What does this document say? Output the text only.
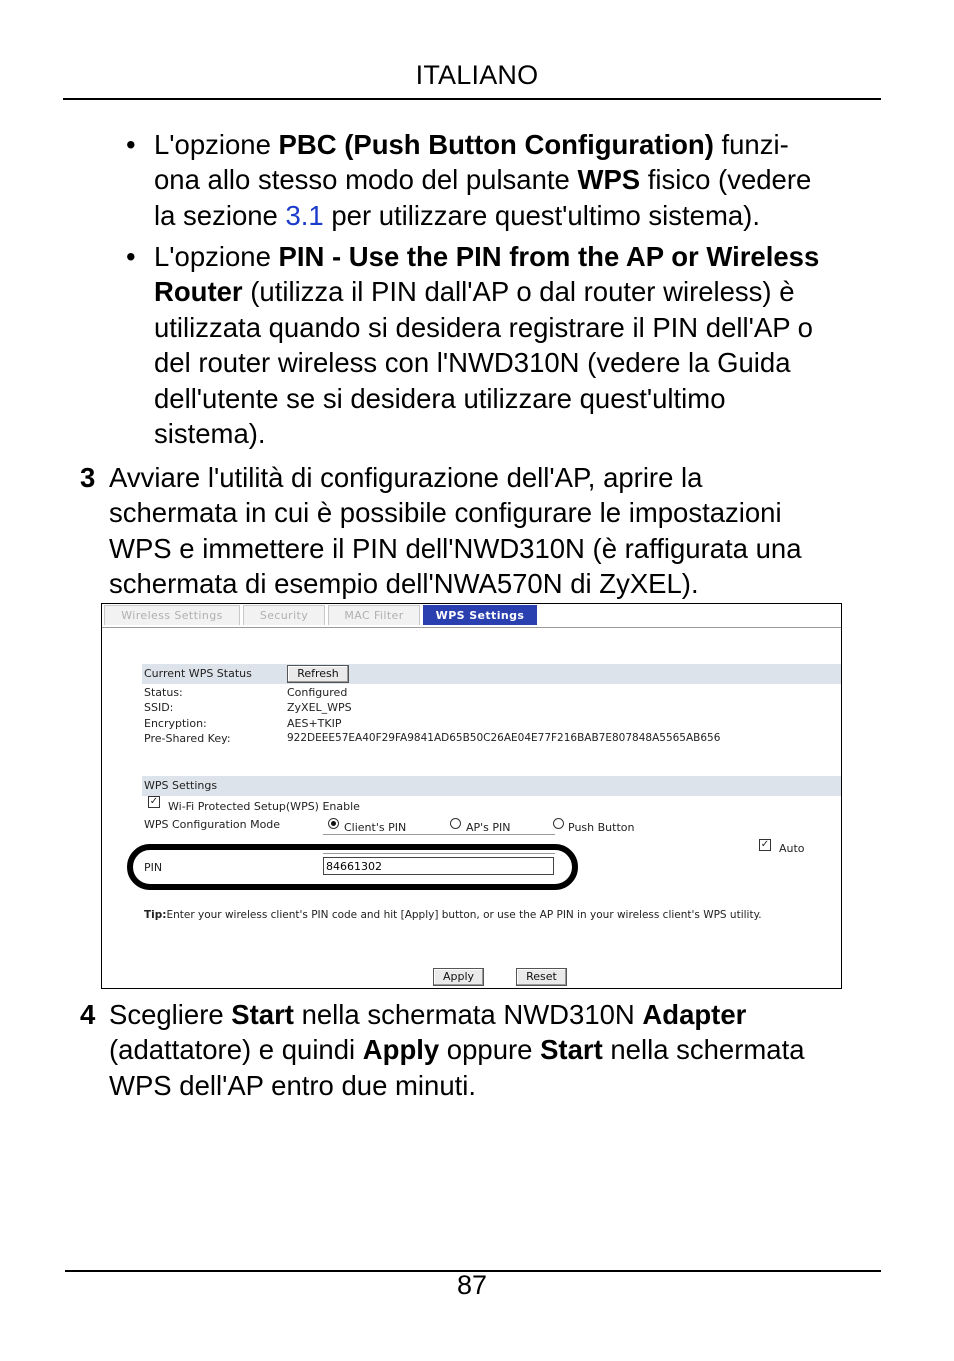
ITALIANO
• L'opzione PBC (Push Button Configuration) funzi-
ona allo stesso modo del pulsante WPS fisico (vedere
la sezione 3.1 per utilizzare quest'ultimo sistema).
• L'opzione PIN - Use the PIN from the AP or Wireless
Router (utilizza il PIN dall'AP o dal router wireless) è
utilizzata quando si desidera registrare il PIN dell'AP o
del router wireless con l'NWD310N (vedere la Guida
dell'utente se si desidera utilizzare quest'ultimo
sistema).
3 Avviare l'utilità di configurazione dell'AP, aprire la
schermata in cui è possibile configurare le impostazioni
WPS e immettere il PIN dell'NWD310N (è raffigurata una
schermata di esempio dell'NWA570N di ZyXEL).
Wireless Settings	Security	MAC Filter	WPS Settings
Current WPS Status	Refresh
Status:	Configured
SSID:	ZyXEL_WPS
Encryption:	AES+TKIP
Pre-Shared Key:	922DEEE57EA40F29FA9841AD65B50C26AE04E77F216BAB7E807848A5565AB656
WPS Settings
✓ Wi-Fi Protected Setup(WPS) Enable
WPS Configuration Mode	Client's PIN	AP's PIN	Push Button
✓ Auto
PIN
84661302
Tip:Enter your wireless client's PIN code and hit [Apply] button, or use the AP PIN in your wireless client's WPS utility.
Apply	Reset
4 Scegliere Start nella schermata NWD310N Adapter
(adattatore) e quindi Apply oppure Start nella schermata
WPS dell'AP entro due minuti.
87
